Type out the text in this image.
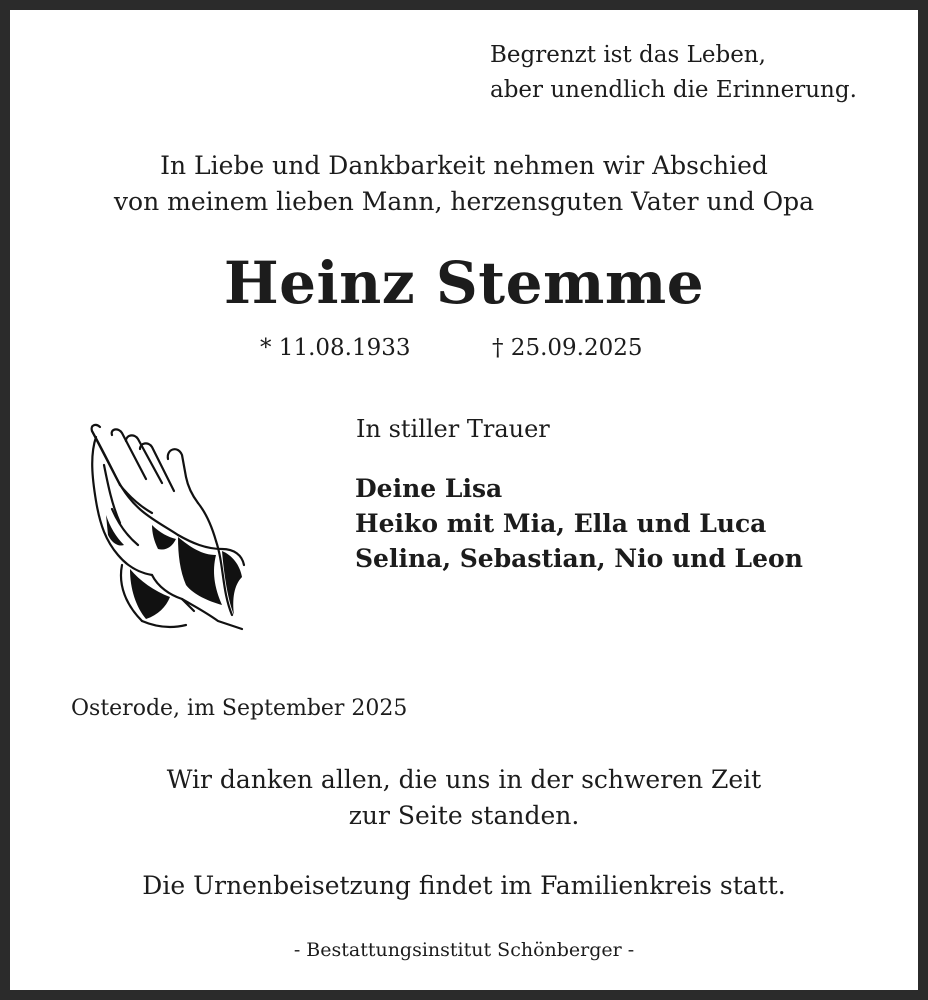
Begrenzt ist das Leben,
aber unendlich die Erinnerung.
In Liebe und Dankbarkeit nehmen wir Abschied
von meinem lieben Mann, herzensguten Vater und Opa
Heinz Stemme
* 11.08.1933	† 25.09.2025
In stiller Trauer
Deine Lisa
Heiko mit Mia, Ella und Luca
Selina, Sebastian, Nio und Leon
Osterode, im September 2025
Wir danken allen, die uns in der schweren Zeit
zur Seite standen.
Die Urnenbeisetzung findet im Familienkreis statt.
- Bestattungsinstitut Schönberger -
